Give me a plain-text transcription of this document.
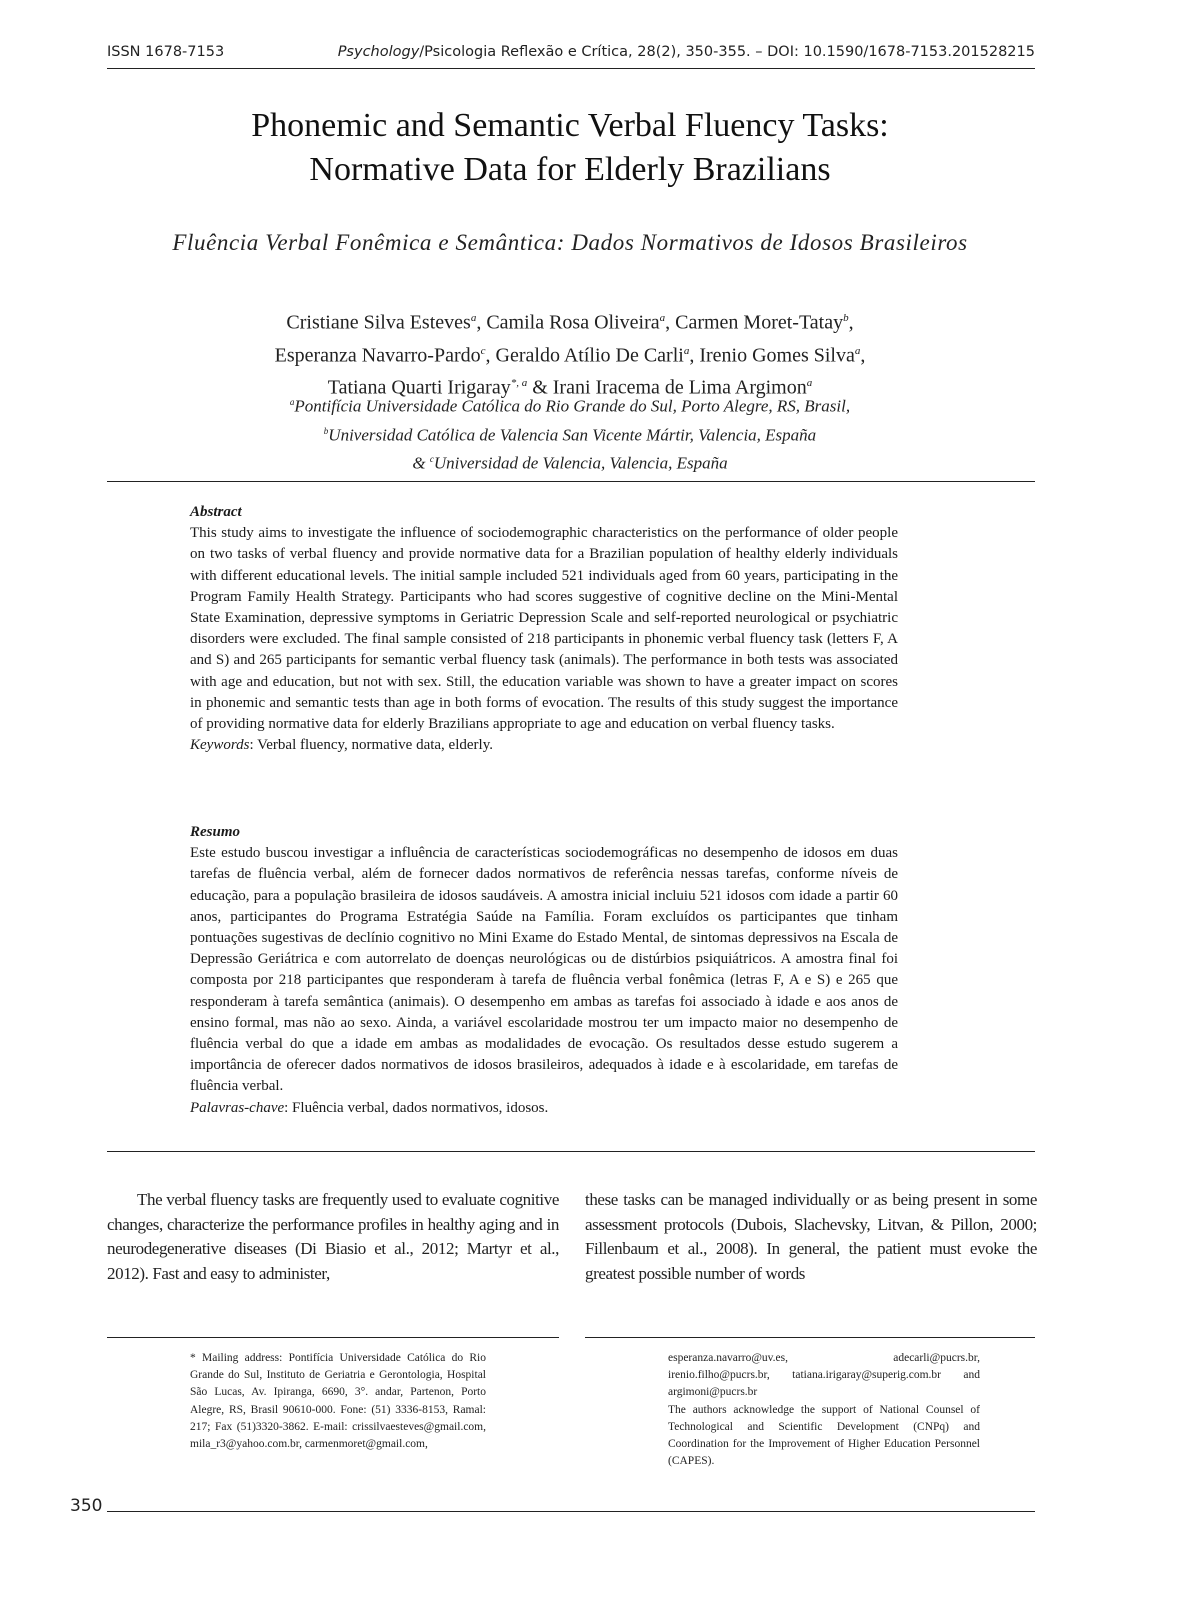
ISSN 1678-7153	Psychology/Psicologia Reflexão e Crítica, 28(2), 350-355. – DOI: 10.1590/1678-7153.201528215
Phonemic and Semantic Verbal Fluency Tasks:
Normative Data for Elderly Brazilians
Fluência Verbal Fonêmica e Semântica: Dados Normativos de Idosos Brasileiros
Cristiane Silva Esteves$^a$, Camila Rosa Oliveira$^a$, Carmen Moret-Tatay$^b$,
Esperanza Navarro-Pardo$^c$, Geraldo Atílio De Carli$^a$, Irenio Gomes Silva$^a$,
Tatiana Quarti Irigaray$^{*, a}$ & Irani Iracema de Lima Argimon$^a$
$^a$Pontifícia Universidade Católica do Rio Grande do Sul, Porto Alegre, RS, Brasil,
$^b$Universidad Católica de Valencia San Vicente Mártir, Valencia, España
& $^c$Universidad de Valencia, Valencia, España
Abstract
This study aims to investigate the influence of sociodemographic characteristics on the performance of older people on two tasks of verbal fluency and provide normative data for a Brazilian population of healthy elderly individuals with different educational levels. The initial sample included 521 individuals aged from 60 years, participating in the Program Family Health Strategy. Participants who had scores suggestive of cognitive decline on the Mini-Mental State Examination, depressive symptoms in Geriatric Depression Scale and self-reported neurological or psychiatric disorders were excluded. The final sample consisted of 218 participants in phonemic verbal fluency task (letters F, A and S) and 265 participants for semantic verbal fluency task (animals). The performance in both tests was associated with age and education, but not with sex. Still, the education variable was shown to have a greater impact on scores in phonemic and semantic tests than age in both forms of evocation. The results of this study suggest the importance of providing normative data for elderly Brazilians appropriate to age and education on verbal fluency tasks.
Keywords: Verbal fluency, normative data, elderly.
Resumo
Este estudo buscou investigar a influência de características sociodemográficas no desempenho de idosos em duas tarefas de fluência verbal, além de fornecer dados normativos de referência nessas tarefas, conforme níveis de educação, para a população brasileira de idosos saudáveis. A amostra inicial incluiu 521 idosos com idade a partir 60 anos, participantes do Programa Estratégia Saúde na Família. Foram excluídos os participantes que tinham pontuações sugestivas de declínio cognitivo no Mini Exame do Estado Mental, de sintomas depressivos na Escala de Depressão Geriátrica e com autorrelato de doenças neurológicas ou de distúrbios psiquiátricos. A amostra final foi composta por 218 participantes que responderam à tarefa de fluência verbal fonêmica (letras F, A e S) e 265 que responderam à tarefa semântica (animais). O desempenho em ambas as tarefas foi associado à idade e aos anos de ensino formal, mas não ao sexo. Ainda, a variável escolaridade mostrou ter um impacto maior no desempenho de fluência verbal do que a idade em ambas as modalidades de evocação. Os resultados desse estudo sugerem a importância de oferecer dados normativos de idosos brasileiros, adequados à idade e à escolaridade, em tarefas de fluência verbal.
Palavras-chave: Fluência verbal, dados normativos, idosos.
The verbal fluency tasks are frequently used to evaluate cognitive changes, characterize the performance profiles in healthy aging and in neurodegenerative diseases (Di Biasio et al., 2012; Martyr et al., 2012). Fast and easy to administer,
these tasks can be managed individually or as being present in some assessment protocols (Dubois, Slachevsky, Litvan, & Pillon, 2000; Fillenbaum et al., 2008). In general, the patient must evoke the greatest possible number of words
* Mailing address: Pontifícia Universidade Católica do Rio Grande do Sul, Instituto de Geriatria e Gerontologia, Hospital São Lucas, Av. Ipiranga, 6690, 3°. andar, Partenon, Porto Alegre, RS, Brasil 90610-000. Fone: (51) 3336-8153, Ramal: 217; Fax (51)3320-3862. E-mail: crissilvaesteves@gmail.com, mila_r3@yahoo.com.br, carmenmoret@gmail.com,
esperanza.navarro@uv.es, adecarli@pucrs.br, irenio.filho@pucrs.br, tatiana.irigaray@superig.com.br and argimoni@pucrs.br
The authors acknowledge the support of National Counsel of Technological and Scientific Development (CNPq) and Coordination for the Improvement of Higher Education Personnel (CAPES).
350
